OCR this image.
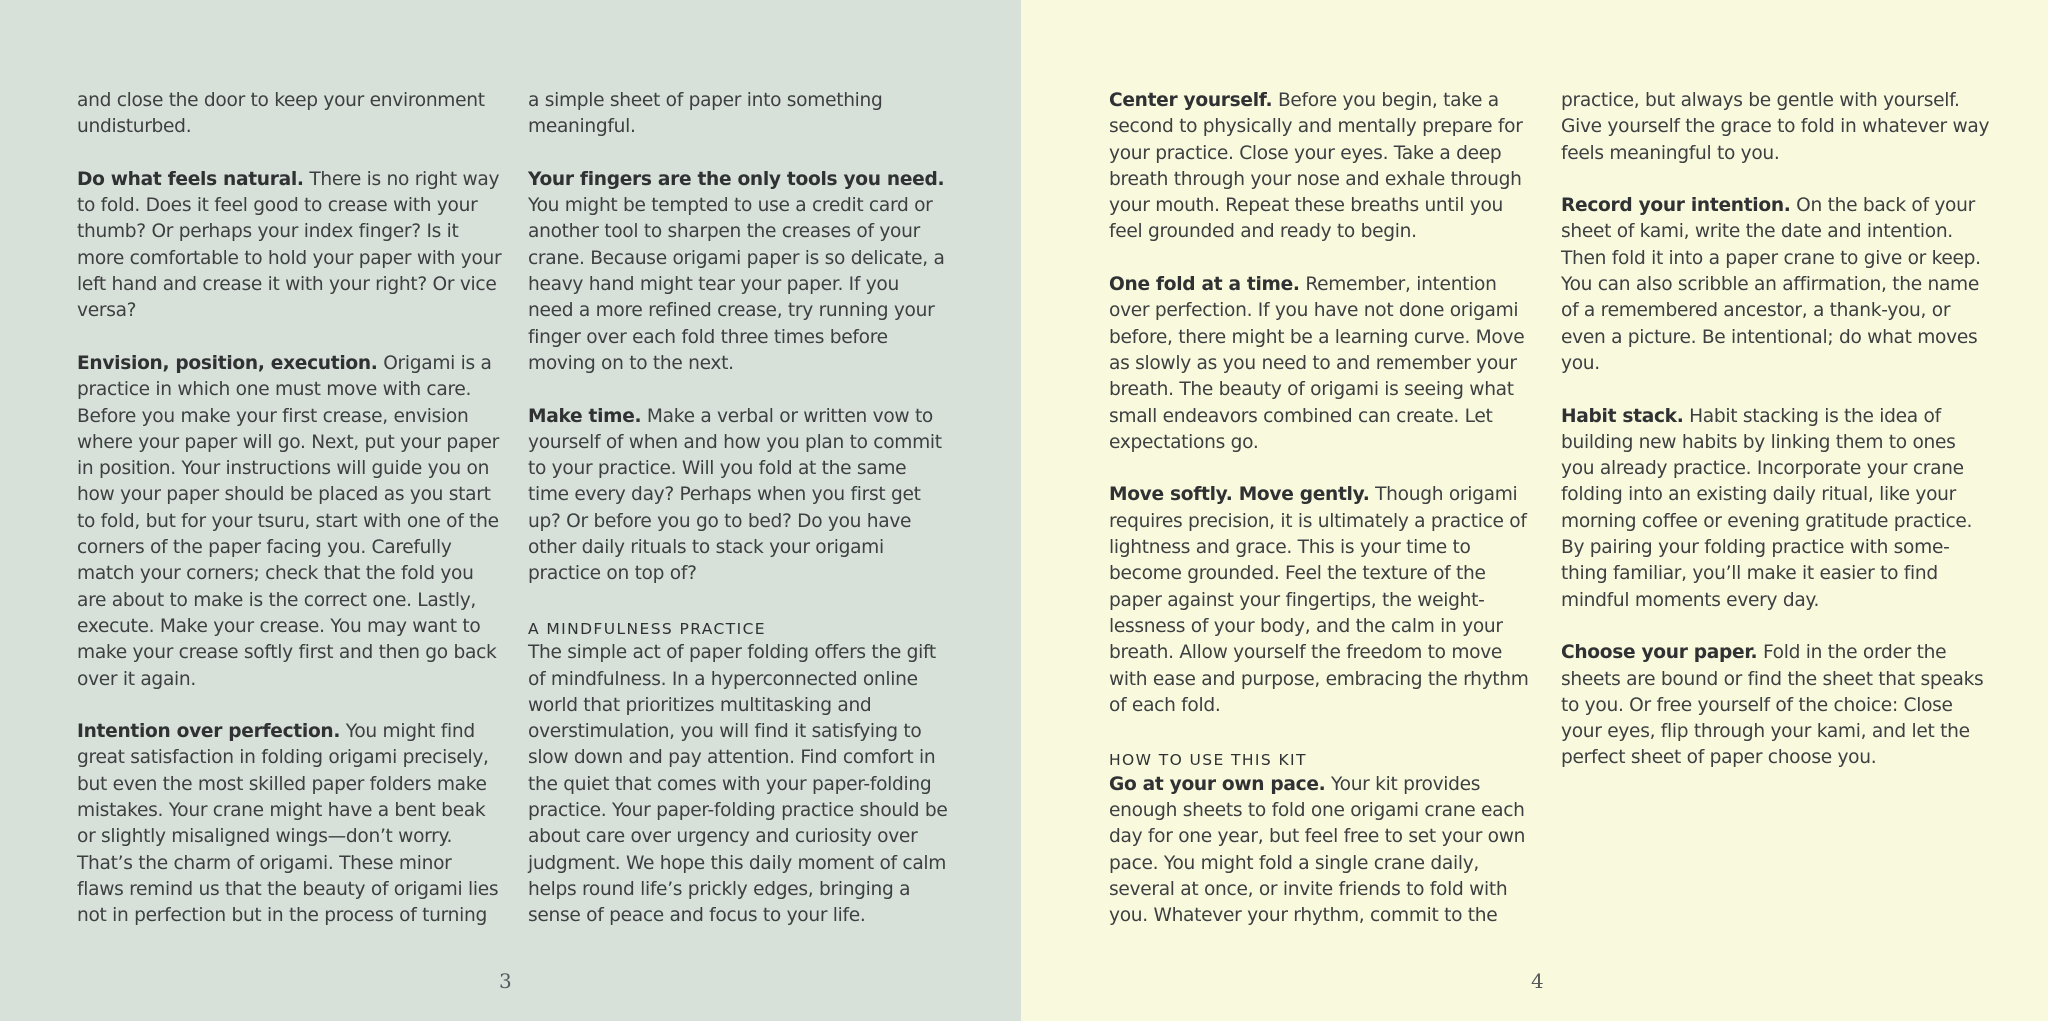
and close the door to keep your environment undisturbed.

Do what feels natural. There is no right way to fold. Does it feel good to crease with your thumb? Or perhaps your index finger? Is it more comfortable to hold your paper with your left hand and crease it with your right? Or vice versa?

Envision, position, execution. Origami is a practice in which one must move with care. Before you make your first crease, envision where your paper will go. Next, put your paper in position. Your instructions will guide you on how your paper should be placed as you start to fold, but for your tsuru, start with one of the corners of the paper facing you. Carefully match your corners; check that the fold you are about to make is the correct one. Lastly, execute. Make your crease. You may want to make your crease softly first and then go back over it again.

Intention over perfection. You might find great satisfaction in folding origami precisely, but even the most skilled paper folders make mistakes. Your crane might have a bent beak or slightly misaligned wings—don’t worry. That’s the charm of origami. These minor flaws remind us that the beauty of origami lies not in perfection but in the process of turning

a simple sheet of paper into something meaningful.

Your fingers are the only tools you need. You might be tempted to use a credit card or another tool to sharpen the creases of your crane. Because origami paper is so delicate, a heavy hand might tear your paper. If you need a more refined crease, try running your finger over each fold three times before moving on to the next.

Make time. Make a verbal or written vow to yourself of when and how you plan to commit to your practice. Will you fold at the same time every day? Perhaps when you first get up? Or before you go to bed? Do you have other daily rituals to stack your origami practice on top of?

A MINDFULNESS PRACTICE
The simple act of paper folding offers the gift of mindfulness. In a hyperconnected online world that prioritizes multitasking and overstimulation, you will find it satisfying to slow down and pay attention. Find comfort in the quiet that comes with your paper-folding practice. Your paper-folding practice should be about care over urgency and curiosity over judgment. We hope this daily moment of calm helps round life’s prickly edges, bringing a sense of peace and focus to your life.
3	4

Center yourself. Before you begin, take a second to physically and mentally prepare for your practice. Close your eyes. Take a deep breath through your nose and exhale through your mouth. Repeat these breaths until you feel grounded and ready to begin.

One fold at a time. Remember, intention over perfection. If you have not done origami before, there might be a learning curve. Move as slowly as you need to and remember your breath. The beauty of origami is seeing what small endeavors combined can create. Let expectations go.

Move softly. Move gently. Though origami requires precision, it is ultimately a practice of lightness and grace. This is your time to become grounded. Feel the texture of the paper against your fingertips, the weight-lessness of your body, and the calm in your breath. Allow yourself the freedom to move with ease and purpose, embracing the rhythm of each fold.

HOW TO USE THIS KIT
Go at your own pace. Your kit provides enough sheets to fold one origami crane each day for one year, but feel free to set your own pace. You might fold a single crane daily, several at once, or invite friends to fold with you. Whatever your rhythm, commit to the

practice, but always be gentle with yourself. Give yourself the grace to fold in whatever way feels meaningful to you.

Record your intention. On the back of your sheet of kami, write the date and intention. Then fold it into a paper crane to give or keep. You can also scribble an affirmation, the name of a remembered ancestor, a thank-you, or even a picture. Be intentional; do what moves you.

Habit stack. Habit stacking is the idea of building new habits by linking them to ones you already practice. Incorporate your crane folding into an existing daily ritual, like your morning coffee or evening gratitude practice. By pairing your folding practice with some-thing familiar, you’ll make it easier to find mindful moments every day.

Choose your paper. Fold in the order the sheets are bound or find the sheet that speaks to you. Or free yourself of the choice: Close your eyes, flip through your kami, and let the perfect sheet of paper choose you.
